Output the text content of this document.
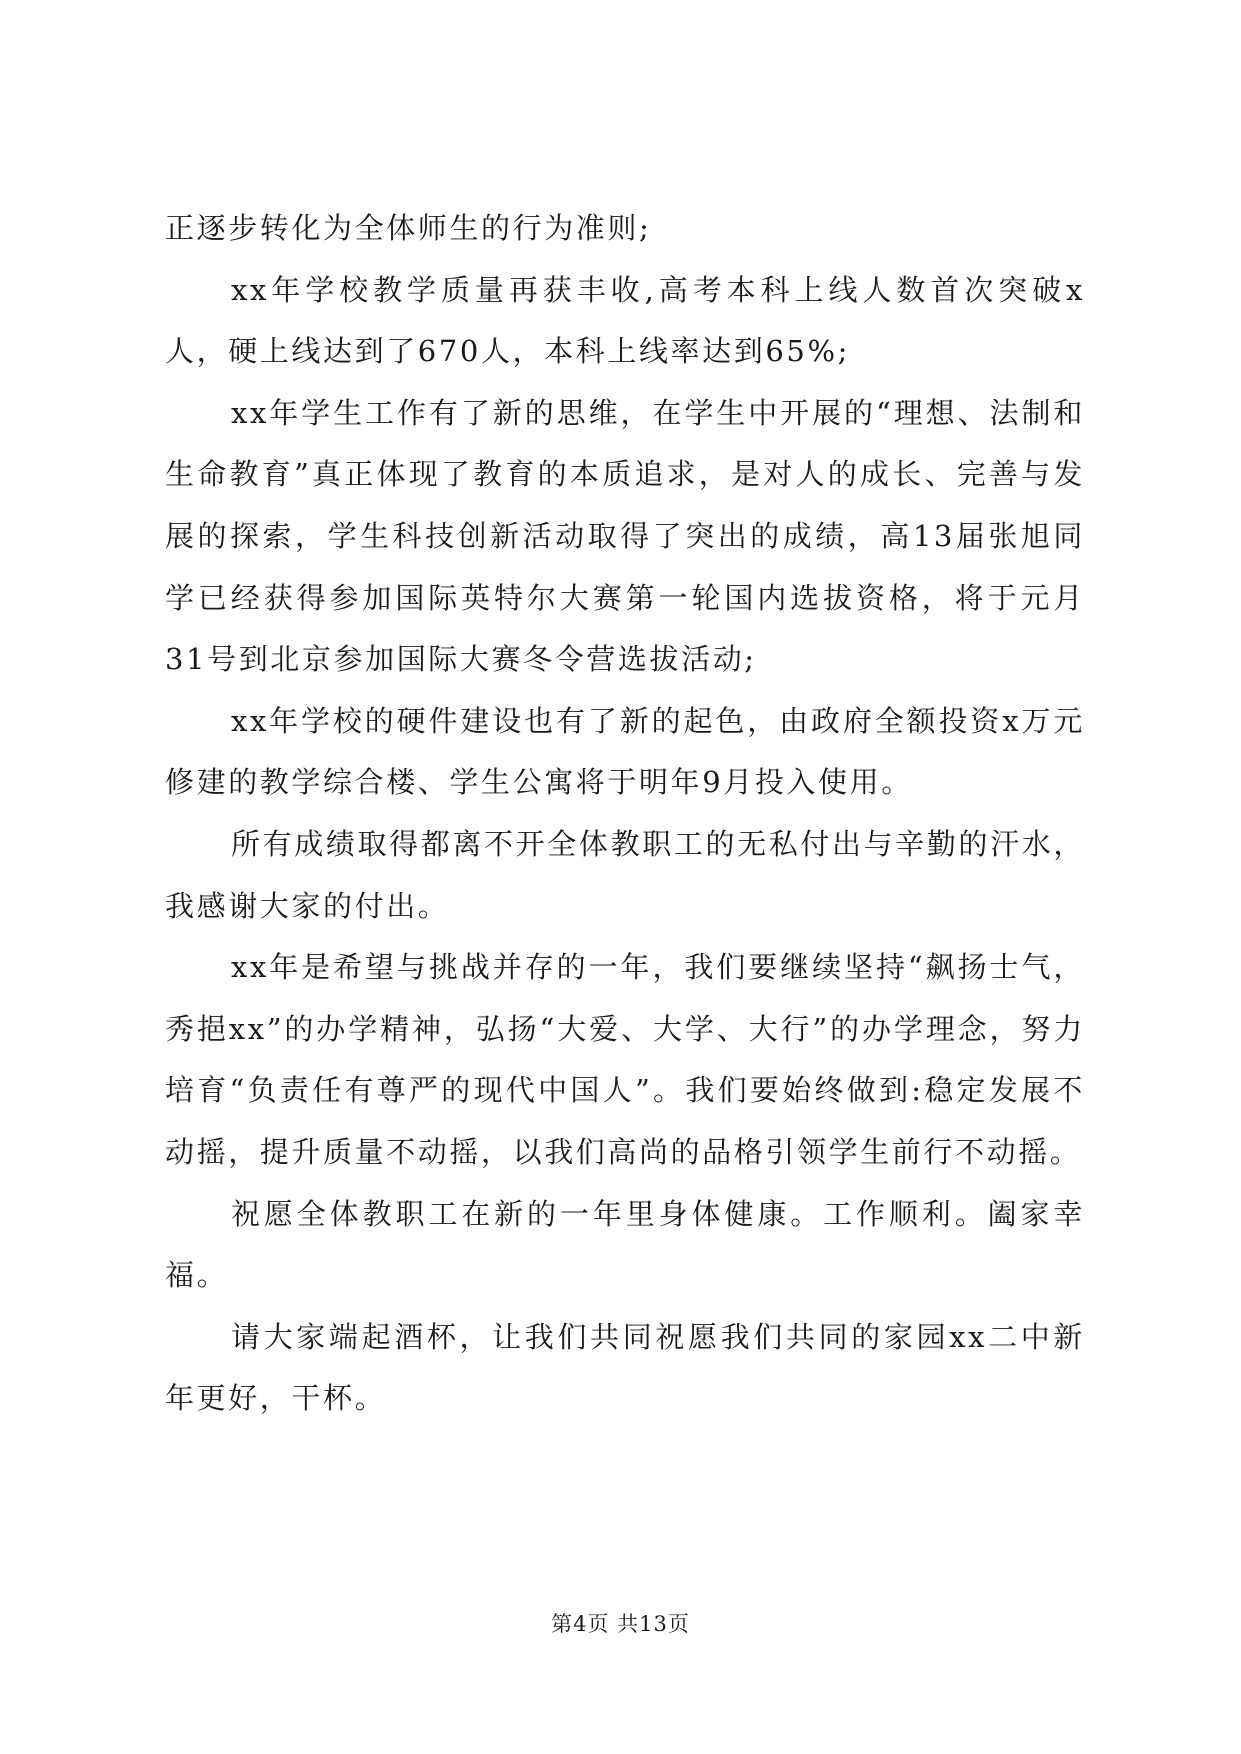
正逐步转化为全体师生的行为准则;

xx年学校教学质量再获丰收,高考本科上线人数首次突破x人，硬上线达到了670人，本科上线率达到65%;

xx年学生工作有了新的思维，在学生中开展的“理想、法制和生命教育”真正体现了教育的本质追求，是对人的成长、完善与发展的探索，学生科技创新活动取得了突出的成绩，高13届张旭同学已经获得参加国际英特尔大赛第一轮国内选拔资格，将于元月31号到北京参加国际大赛冬令营选拔活动;

xx年学校的硬件建设也有了新的起色，由政府全额投资x万元修建的教学综合楼、学生公寓将于明年9月投入使用。

所有成绩取得都离不开全体教职工的无私付出与辛勤的汗水，我感谢大家的付出。

xx年是希望与挑战并存的一年，我们要继续坚持“飙扬士气，秀挹xx”的办学精神，弘扬“大爱、大学、大行”的办学理念，努力培育“负责任有尊严的现代中国人”。我们要始终做到:稳定发展不动摇，提升质量不动摇，以我们高尚的品格引领学生前行不动摇。

祝愿全体教职工在新的一年里身体健康。工作顺利。阖家幸福。

请大家端起酒杯，让我们共同祝愿我们共同的家园xx二中新年更好，干杯。

第4页 共13页
